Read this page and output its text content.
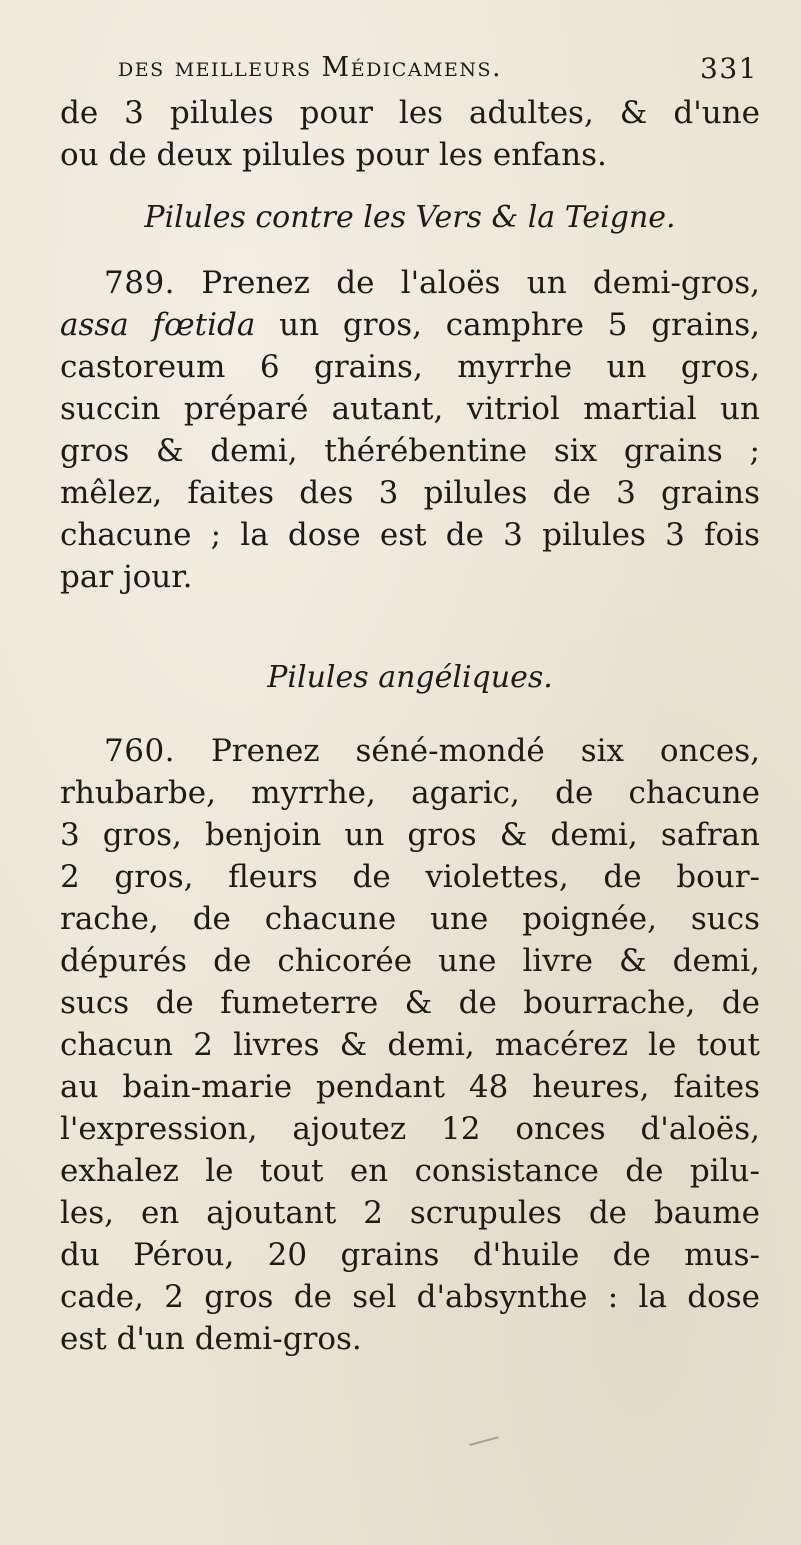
des meilleurs Médicamens.	331
de 3 pilules pour les adultes, & d'une
ou de deux pilules pour les enfans.
Pilules contre les Vers & la Teigne.
789. Prenez de l'aloës un demi-gros,
assa fœtida un gros, camphre 5 grains,
castoreum 6 grains, myrrhe un gros,
succin préparé autant, vitriol martial un
gros & demi, thérébentine six grains ;
mêlez, faites des 3 pilules de 3 grains
chacune ; la dose est de 3 pilules 3 fois
par jour.
Pilules angéliques.
760. Prenez séné-mondé six onces,
rhubarbe, myrrhe, agaric, de chacune
3 gros, benjoin un gros & demi, safran
2 gros, fleurs de violettes, de bour-
rache, de chacune une poignée, sucs
dépurés de chicorée une livre & demi,
sucs de fumeterre & de bourrache, de
chacun 2 livres & demi, macérez le tout
au bain-marie pendant 48 heures, faites
l'expression, ajoutez 12 onces d'aloës,
exhalez le tout en consistance de pilu-
les, en ajoutant 2 scrupules de baume
du Pérou, 20 grains d'huile de mus-
cade, 2 gros de sel d'absynthe : la dose
est d'un demi-gros.
